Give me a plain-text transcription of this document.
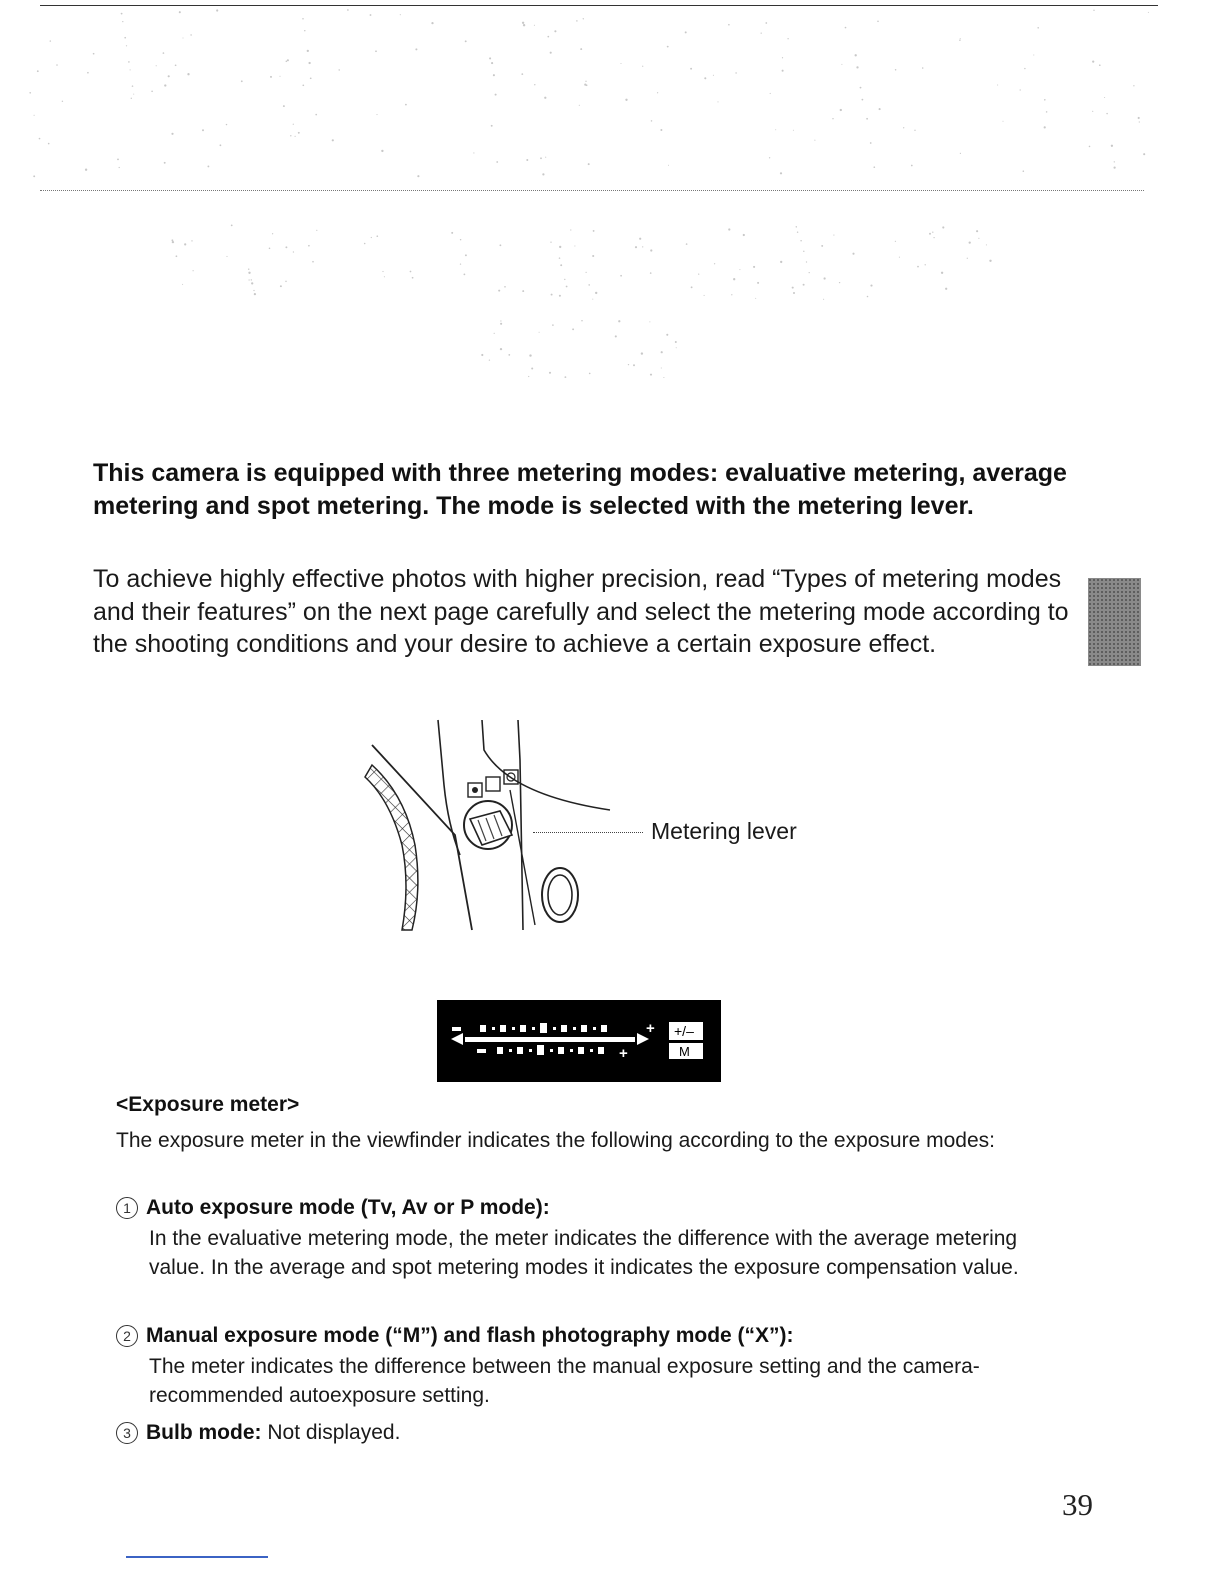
This camera is equipped with three metering modes: evaluative metering, average metering and spot metering. The mode is selected with the metering lever.
To achieve highly effective photos with higher precision, read “Types of metering modes and their features” on the next page carefully and select the metering mode according to the shooting conditions and your desire to achieve a certain exposure effect.
Metering lever
+
+
+/–
M
<Exposure meter>
The exposure meter in the viewfinder indicates the following according to the exposure modes:
1 Auto exposure mode (Tv, Av or P mode):
In the evaluative metering mode, the meter indicates the difference with the average metering value. In the average and spot metering modes it indicates the exposure compensation value.
2 Manual exposure mode (“M”) and flash photography mode (“X”):
The meter indicates the difference between the manual exposure setting and the camera-recommended autoexposure setting.
3 Bulb mode: Not displayed.
39
